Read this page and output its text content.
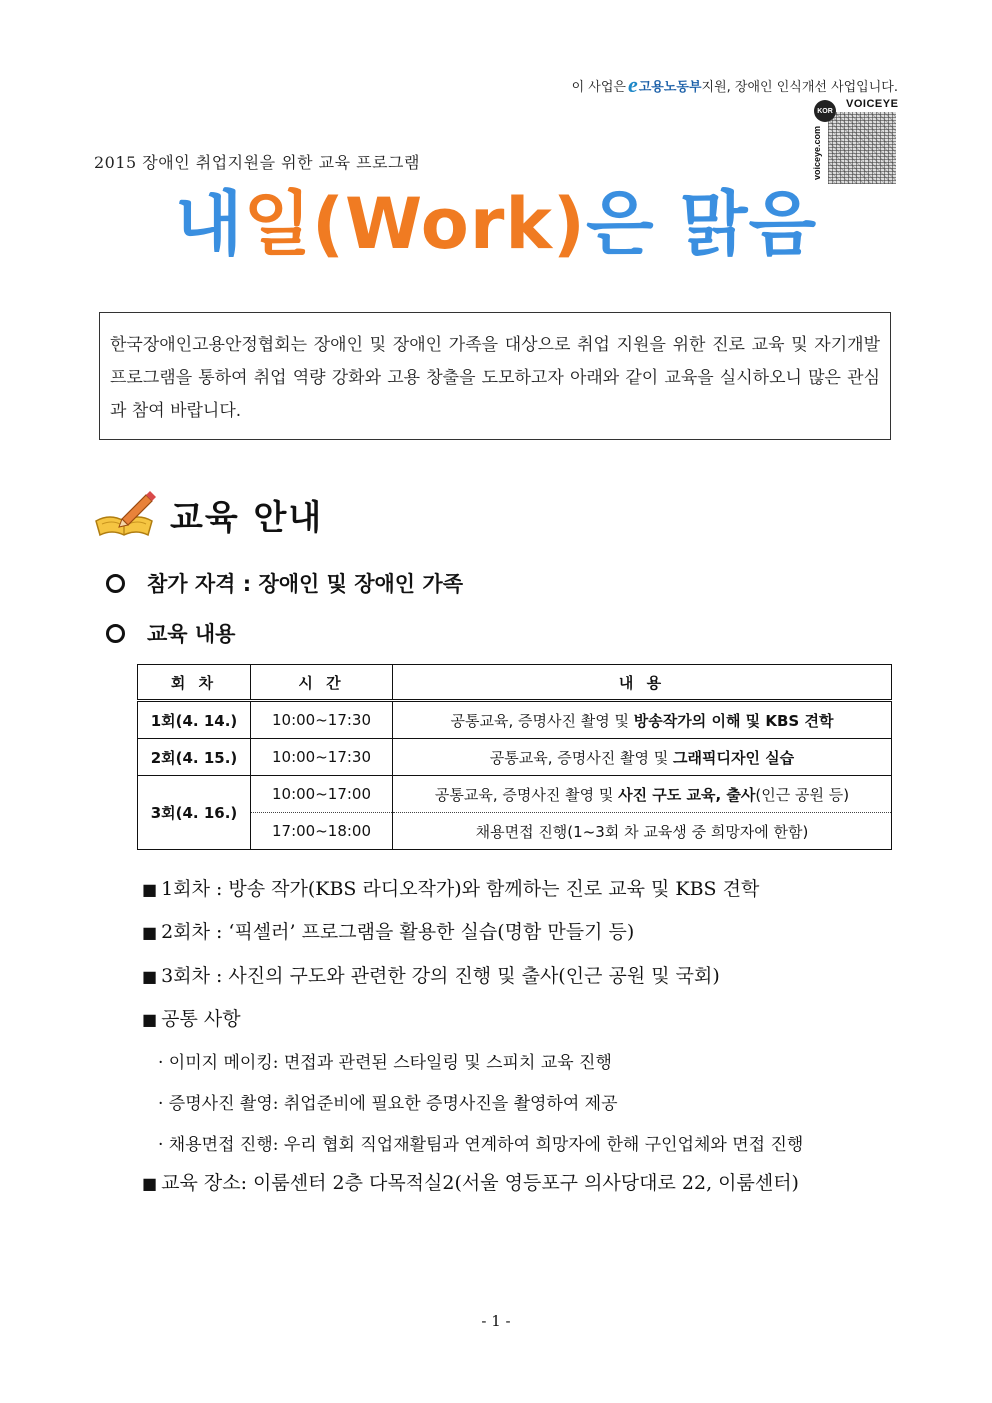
이 사업은 e 고용노동부 지원, 장애인 인식개선 사업입니다.
KOR
VOICEYE
voiceye.com
2015 장애인 취업지원을 위한 교육 프로그램
내일(Work)은 맑음
한국장애인고용안정협회는 장애인 및 장애인 가족을 대상으로 취업 지원을 위한 진로 교육 및 자기개발 프로그램을 통하여 취업 역량 강화와 고용 창출을 도모하고자 아래와 같이 교육을 실시하오니 많은 관심과 참여 바랍니다.
교육 안내
참가 자격 : 장애인 및 장애인 가족
교육 내용
회 차	시 간	내 용
1회(4. 14.)	10:00~17:30	공통교육, 증명사진 촬영 및 방송작가의 이해 및 KBS 견학
2회(4. 15.)	10:00~17:30	공통교육, 증명사진 촬영 및 그래픽디자인 실습
3회(4. 16.)	10:00~17:00	공통교육, 증명사진 촬영 및 사진 구도 교육, 출사(인근 공원 등)
	17:00~18:00	채용면접 진행(1~3회 차 교육생 중 희망자에 한함)
■ 1회차 : 방송 작가(KBS 라디오작가)와 함께하는 진로 교육 및 KBS 견학
■ 2회차 : ‘픽셀러’ 프로그램을 활용한 실습(명함 만들기 등)
■ 3회차 : 사진의 구도와 관련한 강의 진행 및 출사(인근 공원 및 국회)
■ 공통 사항
· 이미지 메이킹: 면접과 관련된 스타일링 및 스피치 교육 진행
· 증명사진 촬영: 취업준비에 필요한 증명사진을 촬영하여 제공
· 채용면접 진행: 우리 협회 직업재활팀과 연계하여 희망자에 한해 구인업체와 면접 진행
■ 교육 장소: 이룸센터 2층 다목적실2(서울 영등포구 의사당대로 22, 이룸센터)
- 1 -
